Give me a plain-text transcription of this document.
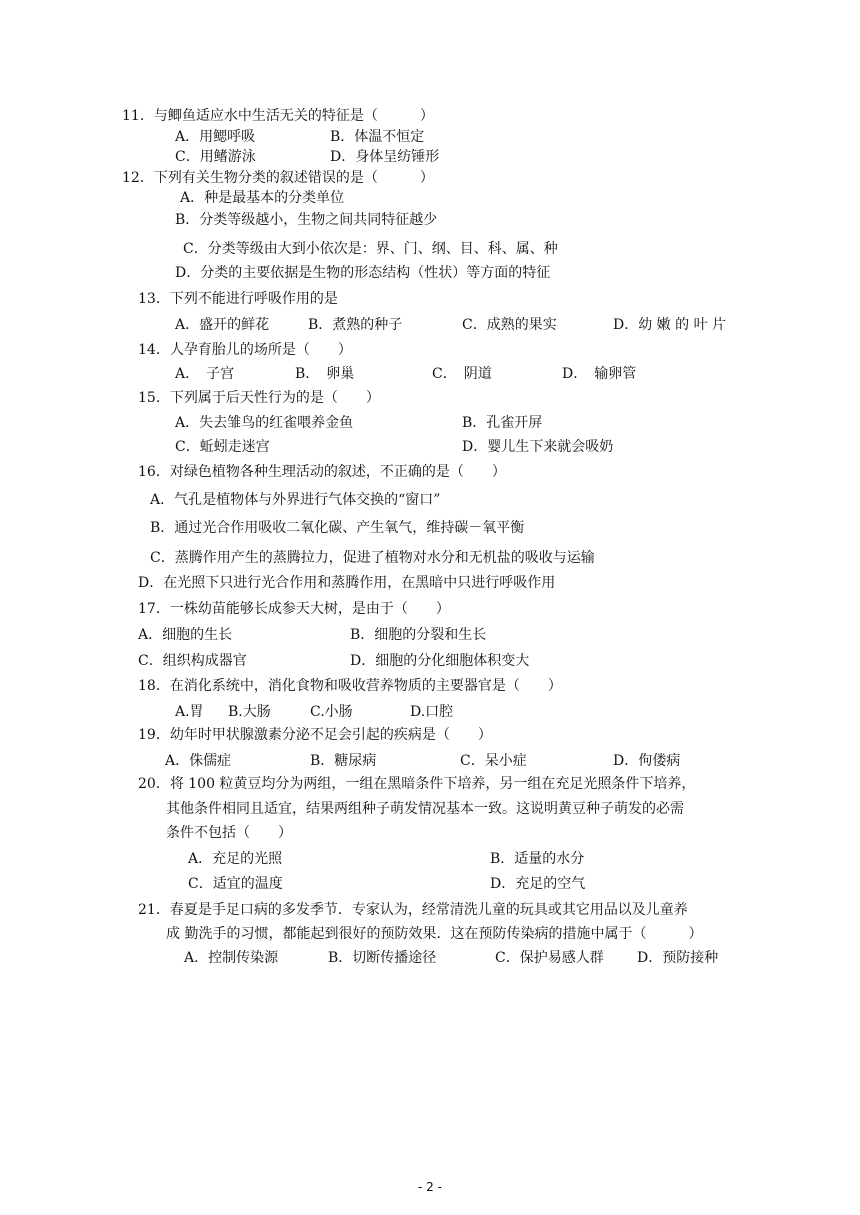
11．与鲫鱼适应水中生活无关的特征是（　　　）
A．用鳃呼吸	B．体温不恒定
C．用鳍游泳	D．身体呈纺锤形
12．下列有关生物分类的叙述错误的是（　　　）
A．种是最基本的分类单位
B．分类等级越小，生物之间共同特征越少
C．分类等级由大到小依次是：界、门、纲、目、科、属、种
D．分类的主要依据是生物的形态结构（性状）等方面的特征
13．下列不能进行呼吸作用的是
A．盛开的鲜花	B．煮熟的种子	C．成熟的果实	D．幼 嫩 的 叶 片
14．人孕育胎儿的场所是（　　）
A．　子宫	B．　卵巢	C．　阴道	D．　输卵管
15．下列属于后天性行为的是（　　）
A．失去雏鸟的红雀喂养金鱼	B．孔雀开屏
C．蚯蚓走迷宫	D．婴儿生下来就会吸奶
16．对绿色植物各种生理活动的叙述，不正确的是（　　）
A．气孔是植物体与外界进行气体交换的“窗口”
B．通过光合作用吸收二氧化碳、产生氧气，维持碳－氧平衡
C．蒸腾作用产生的蒸腾拉力，促进了植物对水分和无机盐的吸收与运输
D．在光照下只进行光合作用和蒸腾作用，在黑暗中只进行呼吸作用
17．一株幼苗能够长成参天大树，是由于（　　）
A．细胞的生长	B．细胞的分裂和生长
C．组织构成器官	D．细胞的分化细胞体积变大
18．在消化系统中，消化食物和吸收营养物质的主要器官是（　　）
A.胃 B.大肠	C.小肠	D.口腔
19．幼年时甲状腺激素分泌不足会引起的疾病是（　　）
A．侏儒症	B．糖尿病	C．呆小症	D．佝偻病
20．将 100 粒黄豆均分为两组，一组在黑暗条件下培养，另一组在充足光照条件下培养，
其他条件相同且适宜，结果两组种子萌发情况基本一致。这说明黄豆种子萌发的必需
条件不包括（　　）
A．充足的光照	B．适量的水分
C．适宜的温度	D．充足的空气
21．春夏是手足口病的多发季节．专家认为，经常清洗儿童的玩具或其它用品以及儿童养
成 勤洗手的习惯，都能起到很好的预防效果．这在预防传染病的措施中属于（　　　）
A．控制传染源	B．切断传播途径	C．保护易感人群 D．预防接种
- 2 -
